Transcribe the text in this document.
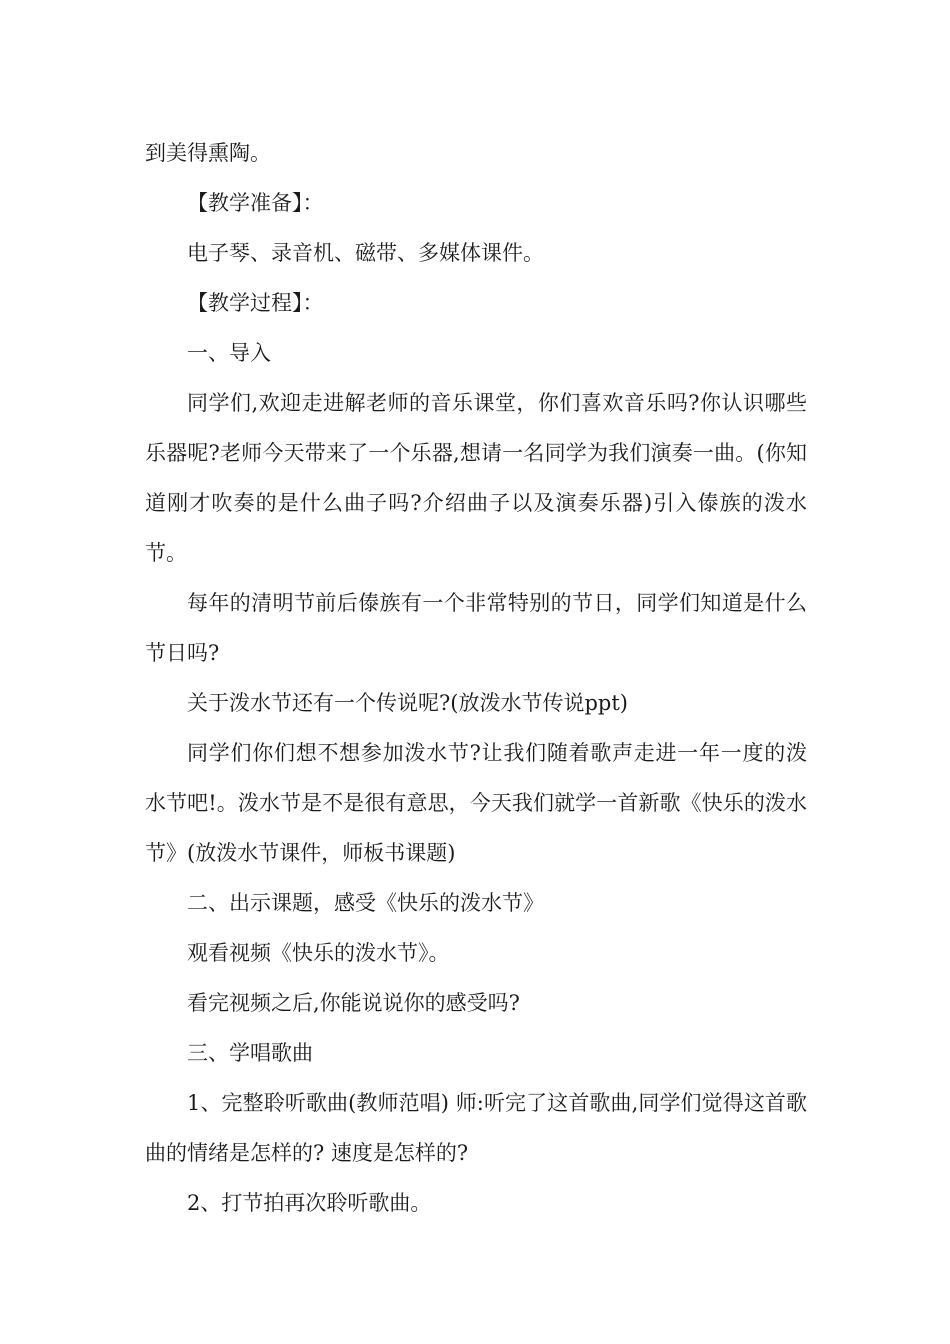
到美得熏陶。

【教学准备】：

电子琴、录音机、磁带、多媒体课件。

【教学过程】：

一、导入

同学们,欢迎走进解老师的音乐课堂，你们喜欢音乐吗?你认识哪些乐器呢?老师今天带来了一个乐器,想请一名同学为我们演奏一曲。(你知道刚才吹奏的是什么曲子吗?介绍曲子以及演奏乐器)引入傣族的泼水节。

每年的清明节前后傣族有一个非常特别的节日，同学们知道是什么节日吗?

关于泼水节还有一个传说呢?(放泼水节传说ppt)

同学们你们想不想参加泼水节?让我们随着歌声走进一年一度的泼水节吧!。泼水节是不是很有意思，今天我们就学一首新歌《快乐的泼水节》(放泼水节课件，师板书课题)

二、出示课题，感受《快乐的泼水节》

观看视频《快乐的泼水节》。

看完视频之后,你能说说你的感受吗?

三、学唱歌曲

1、完整聆听歌曲(教师范唱) 师:听完了这首歌曲,同学们觉得这首歌曲的情绪是怎样的? 速度是怎样的?

2、打节拍再次聆听歌曲。
